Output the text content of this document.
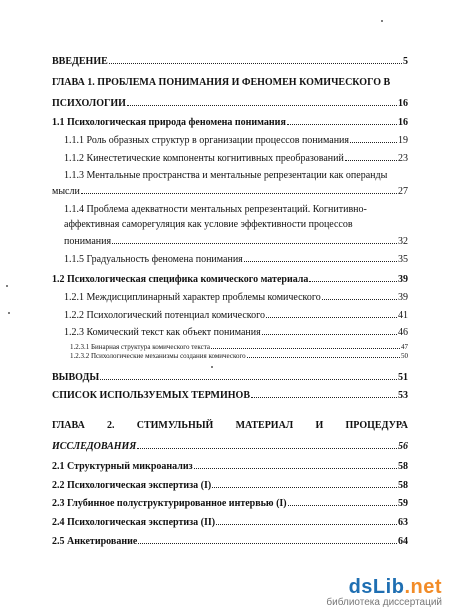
ВВЕДЕНИЕ	5
ГЛАВА 1. ПРОБЛЕМА ПОНИМАНИЯ И ФЕНОМЕН КОМИЧЕСКОГО В
ПСИХОЛОГИИ	16
1.1 Психологическая природа феномена понимания	16
1.1.1 Роль образных структур в организации процессов понимания	19
1.1.2 Кинестетические компоненты когнитивных преобразований	23
1.1.3 Ментальные пространства и ментальные репрезентации как операнды
мысли	27
1.1.4 Проблема адекватности ментальных репрезентаций. Когнитивно-
аффективная саморегуляция как условие эффективности процессов
понимания	32
1.1.5 Градуальность феномена понимания	35
1.2 Психологическая специфика комического материала	39
1.2.1 Междисциплинарный характер проблемы комического	39
1.2.2 Психологический потенциал комического	41
1.2.3 Комический текст как объект понимания	46
1.2.3.1 Бинарная структура комического текста	47
1.2.3.2 Психологические механизмы создания комического	50
ВЫВОДЫ	51
СПИСОК ИСПОЛЬЗУЕМЫХ ТЕРМИНОВ	53
ГЛАВА 2. СТИМУЛЬНЫЙ МАТЕРИАЛ И ПРОЦЕДУРА
ИССЛЕДОВАНИЯ	56
2.1 Структурный микроанализ	58
2.2 Психологическая экспертиза (I)	58
2.3 Глубинное полуструктурированное интервью (I)	59
2.4 Психологическая экспертиза (II)	63
2.5 Анкетирование	64
dsLib.net
библиотека диссертаций
